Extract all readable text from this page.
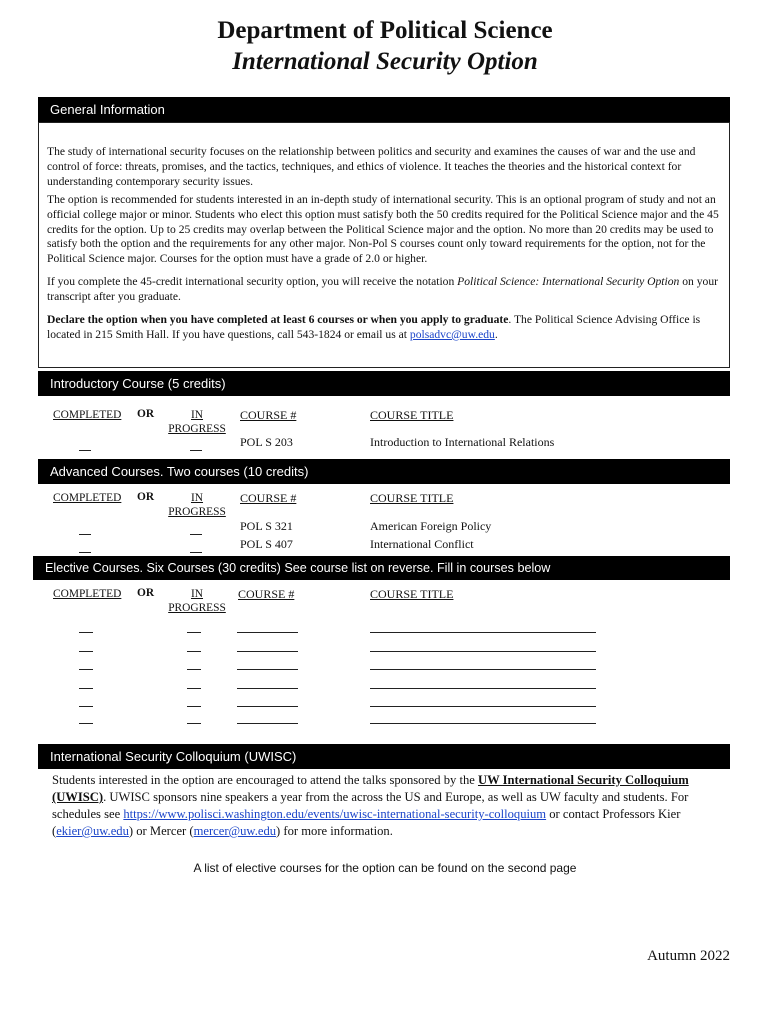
Department of Political Science
International Security Option
General Information
The study of international security focuses on the relationship between politics and security and examines the causes of war and the use and control of force: threats, promises, and the tactics, techniques, and ethics of violence. It teaches the theories and the historical context for understanding contemporary security issues.
The option is recommended for students interested in an in-depth study of international security. This is an optional program of study and not an official college major or minor. Students who elect this option must satisfy both the 50 credits required for the Political Science major and the 45 credits for the option. Up to 25 credits may overlap between the Political Science major and the option. No more than 20 credits may be used to satisfy both the option and the requirements for any other major. Non-Pol S courses count only toward requirements for the option, not for the Political Science major. Courses for the option must have a grade of 2.0 or higher.
If you complete the 45-credit international security option, you will receive the notation Political Science: International Security Option on your transcript after you graduate.
Declare the option when you have completed at least 6 courses or when you apply to graduate. The Political Science Advising Office is located in 215 Smith Hall. If you have questions, call 543-1824 or email us at polsadvc@uw.edu.
Introductory Course (5 credits)
COMPLETED OR	IN
PROGRESS
COURSE #	COURSE TITLE
POL S 203	Introduction to International Relations
Advanced Courses. Two courses (10 credits)
COMPLETED OR	IN
PROGRESS
COURSE #	COURSE TITLE
POL S 321	American Foreign Policy
POL S 407	International Conflict
Elective Courses. Six Courses (30 credits) See course list on reverse. Fill in courses below
COMPLETED OR	IN
PROGRESS
COURSE #	COURSE TITLE
International Security Colloquium (UWISC)
Students interested in the option are encouraged to attend the talks sponsored by the UW International Security Colloquium (UWISC). UWISC sponsors nine speakers a year from the across the US and Europe, as well as UW faculty and students. For schedules see https://www.polisci.washington.edu/events/uwisc-international-security-colloquium or contact Professors Kier (ekier@uw.edu) or Mercer (mercer@uw.edu) for more information.
A list of elective courses for the option can be found on the second page
Autumn 2022
